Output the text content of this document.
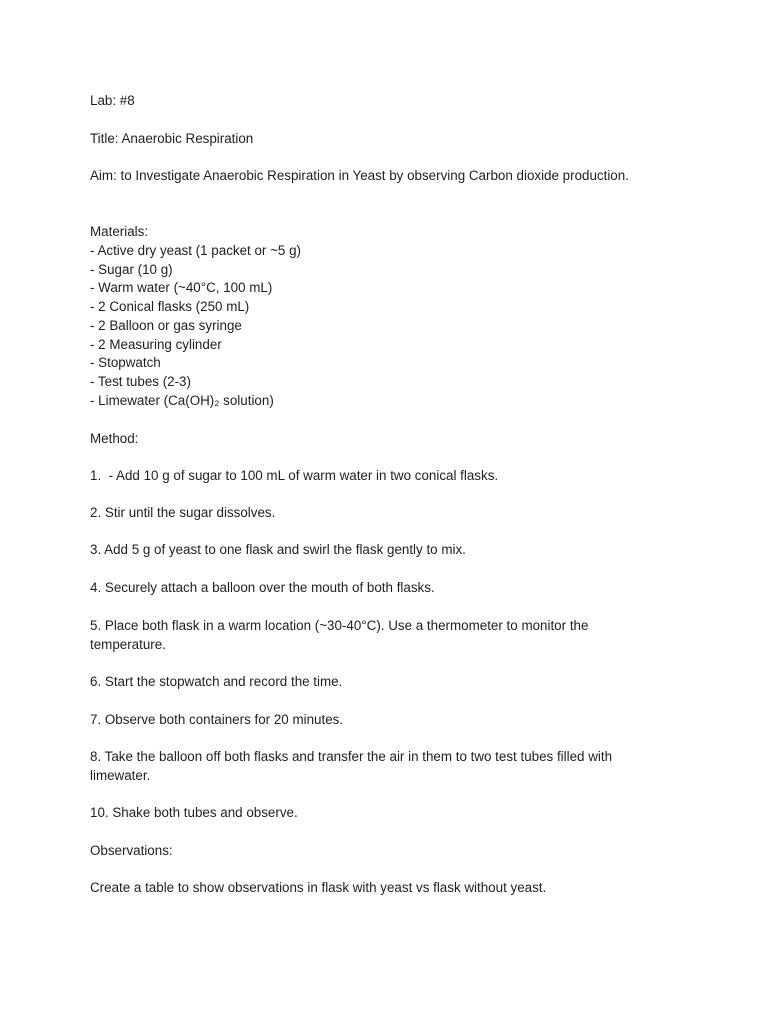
Lab: #8
Title: Anaerobic Respiration
Aim: to Investigate Anaerobic Respiration in Yeast by observing Carbon dioxide production.
Materials:
- Active dry yeast (1 packet or ~5 g)
- Sugar (10 g)
- Warm water (~40°C, 100 mL)
- 2 Conical flasks (250 mL)
- 2 Balloon or gas syringe
- 2 Measuring cylinder
- Stopwatch
- Test tubes (2-3)
- Limewater (Ca(OH)₂ solution)
Method:
1.  - Add 10 g of sugar to 100 mL of warm water in two conical flasks.
2. Stir until the sugar dissolves.
3. Add 5 g of yeast to one flask and swirl the flask gently to mix.
4. Securely attach a balloon over the mouth of both flasks.
5. Place both flask in a warm location (~30-40°C). Use a thermometer to monitor the temperature.
6. Start the stopwatch and record the time.
7. Observe both containers for 20 minutes.
8. Take the balloon off both flasks and transfer the air in them to two test tubes filled with limewater.
10. Shake both tubes and observe.
Observations:
Create a table to show observations in flask with yeast vs flask without yeast.
